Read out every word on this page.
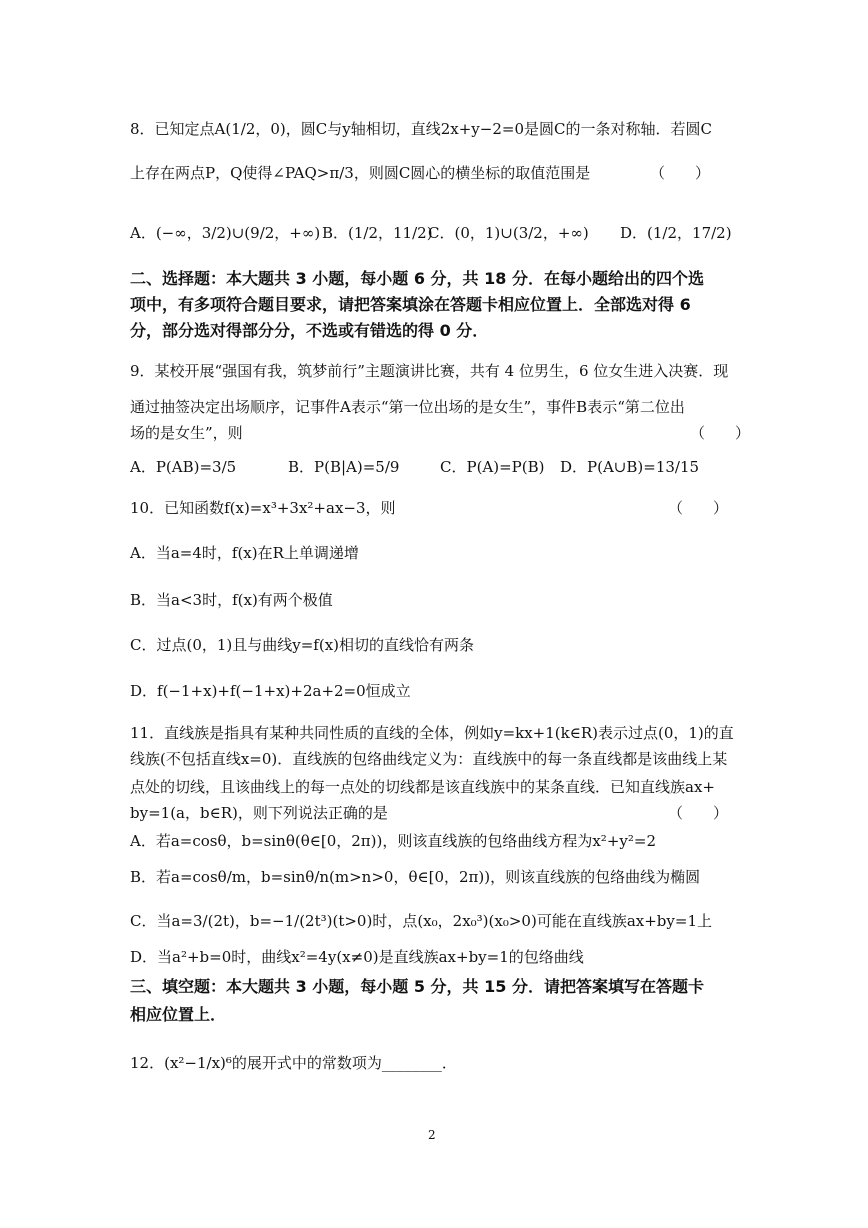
8．已知定点A(1/2，0)，圆C与y轴相切，直线2x+y−2=0是圆C的一条对称轴．若圆C
上存在两点P，Q使得∠PAQ>π/3，则圆C圆心的横坐标的取值范围是	（　　）
A．(−∞，3/2)∪(9/2，+∞) B．(1/2，11/2)
C．(0，1)∪(3/2，+∞) D．(1/2，17/2)
二、选择题：本大题共 3 小题，每小题 6 分，共 18 分．在每小题给出的四个选
项中，有多项符合题目要求，请把答案填涂在答题卡相应位置上．全部选对得 6
分，部分选对得部分分，不选或有错选的得 0 分．
9．某校开展“强国有我，筑梦前行”主题演讲比赛，共有 4 位男生，6 位女生进入决赛．现
通过抽签决定出场顺序，记事件A表示“第一位出场的是女生”，事件B表示“第二位出
场的是女生”，则	（　　）
A．P(AB)=3/5	B．P(B|A)=5/9	C．P(A)=P(B) D．P(A∪B)=13/15
10．已知函数f(x)=x³+3x²+ax−3，则	（　　）
A．当a=4时，f(x)在R上单调递增
B．当a<3时，f(x)有两个极值
C．过点(0，1)且与曲线y=f(x)相切的直线恰有两条
D．f(−1+x)+f(−1+x)+2a+2=0恒成立
11．直线族是指具有某种共同性质的直线的全体，例如y=kx+1(k∈R)表示过点(0，1)的直
线族(不包括直线x=0)．直线族的包络曲线定义为：直线族中的每一条直线都是该曲线上某
点处的切线，且该曲线上的每一点处的切线都是该直线族中的某条直线．已知直线族ax+
by=1(a，b∈R)，则下列说法正确的是	（　　）
A．若a=cosθ，b=sinθ(θ∈[0，2π))，则该直线族的包络曲线方程为x²+y²=2
B．若a=cosθ/m，b=sinθ/n(m>n>0，θ∈[0，2π))，则该直线族的包络曲线为椭圆
C．当a=3/(2t)，b=−1/(2t³)(t>0)时，点(x₀，2x₀³)(x₀>0)可能在直线族ax+by=1上
D．当a²+b=0时，曲线x²=4y(x≠0)是直线族ax+by=1的包络曲线
三、填空题：本大题共 3 小题，每小题 5 分，共 15 分．请把答案填写在答题卡
相应位置上．
12．(x²−1/x)⁶的展开式中的常数项为________．
2
